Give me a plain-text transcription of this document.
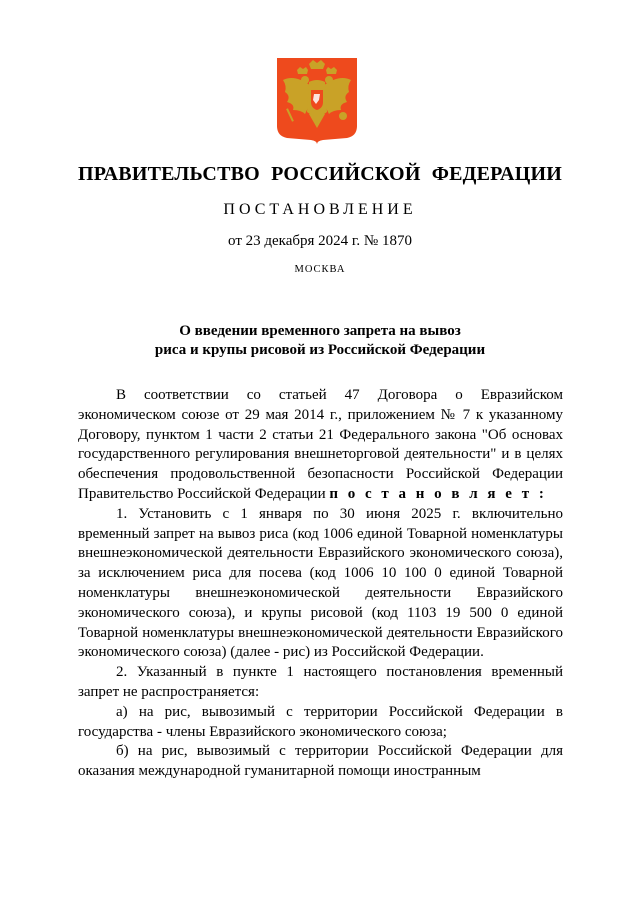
ПРАВИТЕЛЬСТВО РОССИЙСКОЙ ФЕДЕРАЦИИ
ПОСТАНОВЛЕНИЕ
от 23 декабря 2024 г. № 1870
МОСКВА
О введении временного запрета на вывоз
риса и крупы рисовой из Российской Федерации

В соответствии со статьей 47 Договора о Евразийском экономическом союзе от 29 мая 2014 г., приложением № 7 к указанному Договору, пунктом 1 части 2 статьи 21 Федерального закона "Об основах государственного регулирования внешнеторговой деятельности" и в целях обеспечения продовольственной безопасности Российской Федерации Правительство Российской Федерации п о с т а н о в л я е т :

1. Установить с 1 января по 30 июня 2025 г. включительно временный запрет на вывоз риса (код 1006 единой Товарной номенклатуры внешнеэкономической деятельности Евразийского экономического союза), за исключением риса для посева (код 1006 10 100 0 единой Товарной номенклатуры внешнеэкономической деятельности Евразийского экономического союза), и крупы рисовой (код 1103 19 500 0 единой Товарной номенклатуры внешнеэкономической деятельности Евразийского экономического союза) (далее - рис) из Российской Федерации.

2. Указанный в пункте 1 настоящего постановления временный запрет не распространяется:

а) на рис, вывозимый с территории Российской Федерации в государства - члены Евразийского экономического союза;

б) на рис, вывозимый с территории Российской Федерации для оказания международной гуманитарной помощи иностранным
